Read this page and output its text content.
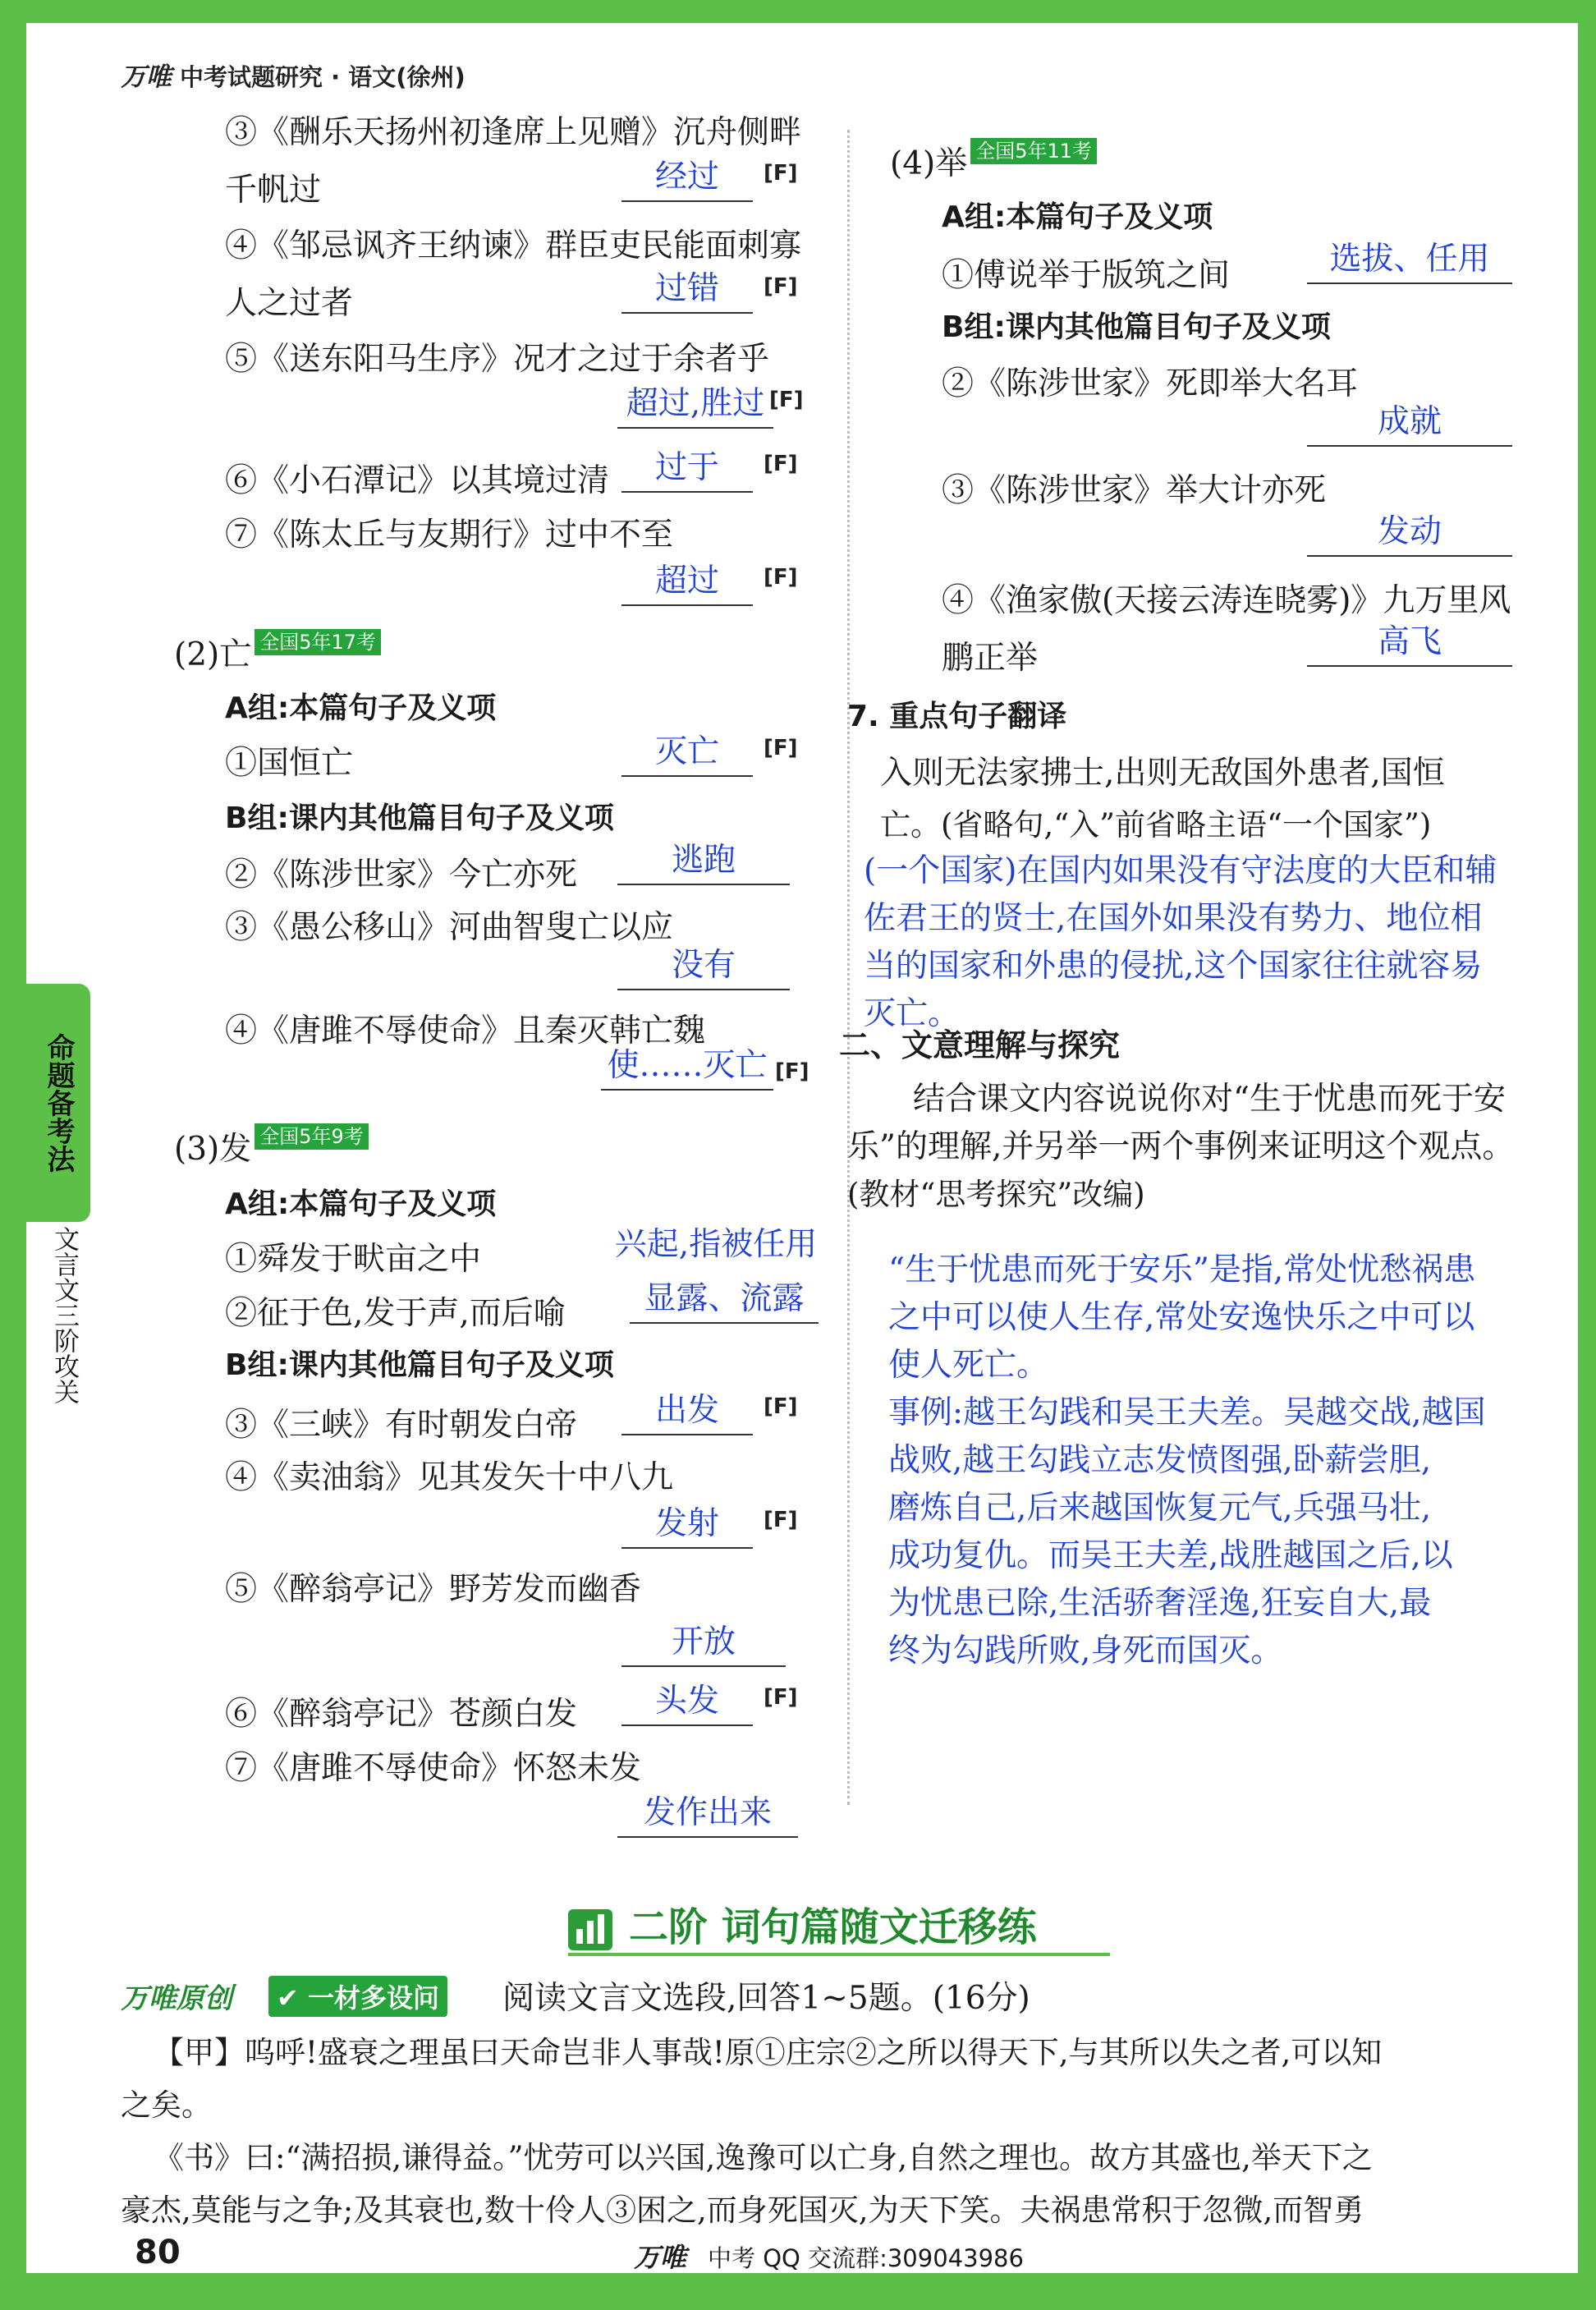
万唯 中考试题研究 · 语文(徐州)
命题备考法
文言文三阶攻关
③《酬乐天扬州初逢席上见赠》沉舟侧畔
千帆过	经过	[F]
④《邹忌讽齐王纳谏》群臣吏民能面刺寡
人之过者	过错	[F]
⑤《送东阳马生序》况才之过于余者乎
超过,胜过 [F]
⑥《小石潭记》以其境过清	过于	[F]
⑦《陈太丘与友期行》过中不至
超过	[F]
(2)亡 全国5年17考
A组:本篇句子及义项
①国恒亡	灭亡	[F]
B组:课内其他篇目句子及义项
②《陈涉世家》今亡亦死	逃跑
③《愚公移山》河曲智叟亡以应
没有
④《唐雎不辱使命》且秦灭韩亡魏
使……灭亡 [F]
(3)发 全国5年9考
A组:本篇句子及义项
①舜发于畎亩之中	兴起,指被任用
②征于色,发于声,而后喻	显露、流露
B组:课内其他篇目句子及义项
③《三峡》有时朝发白帝	出发	[F]
④《卖油翁》见其发矢十中八九
发射	[F]
⑤《醉翁亭记》野芳发而幽香
开放
⑥《醉翁亭记》苍颜白发	头发	[F]
⑦《唐雎不辱使命》怀怒未发
发作出来
(4)举 全国5年11考
A组:本篇句子及义项
①傅说举于版筑之间	选拔、任用
B组:课内其他篇目句子及义项
②《陈涉世家》死即举大名耳
成就
③《陈涉世家》举大计亦死
发动
④《渔家傲(天接云涛连晓雾)》九万里风
鹏正举	高飞
7. 重点句子翻译
入则无法家拂士,出则无敌国外患者,国恒
亡。(省略句,“入”前省略主语“一个国家”)
(一个国家)在国内如果没有守法度的大臣和辅
佐君王的贤士,在国外如果没有势力、地位相
当的国家和外患的侵扰,这个国家往往就容易
灭亡。
二、文意理解与探究
结合课文内容说说你对“生于忧患而死于安
乐”的理解,并另举一两个事例来证明这个观点。
(教材“思考探究”改编)
“生于忧患而死于安乐”是指,常处忧愁祸患
之中可以使人生存,常处安逸快乐之中可以
使人死亡。
事例:越王勾践和吴王夫差。吴越交战,越国
战败,越王勾践立志发愤图强,卧薪尝胆,
磨炼自己,后来越国恢复元气,兵强马壮,
成功复仇。而吴王夫差,战胜越国之后,以
为忧患已除,生活骄奢淫逸,狂妄自大,最
终为勾践所败,身死而国灭。
二阶 词句篇随文迁移练
万唯原创	✔ 一材多设问 阅读文言文选段,回答1~5题。(16分)
【甲】呜呼!盛衰之理虽曰天命岂非人事哉!原①庄宗②之所以得天下,与其所以失之者,可以知
之矣。
《书》曰:“满招损,谦得益。”忧劳可以兴国,逸豫可以亡身,自然之理也。故方其盛也,举天下之
豪杰,莫能与之争;及其衰也,数十伶人③困之,而身死国灭,为天下笑。夫祸患常积于忽微,而智勇
80	万唯 中考 QQ 交流群:309043986
